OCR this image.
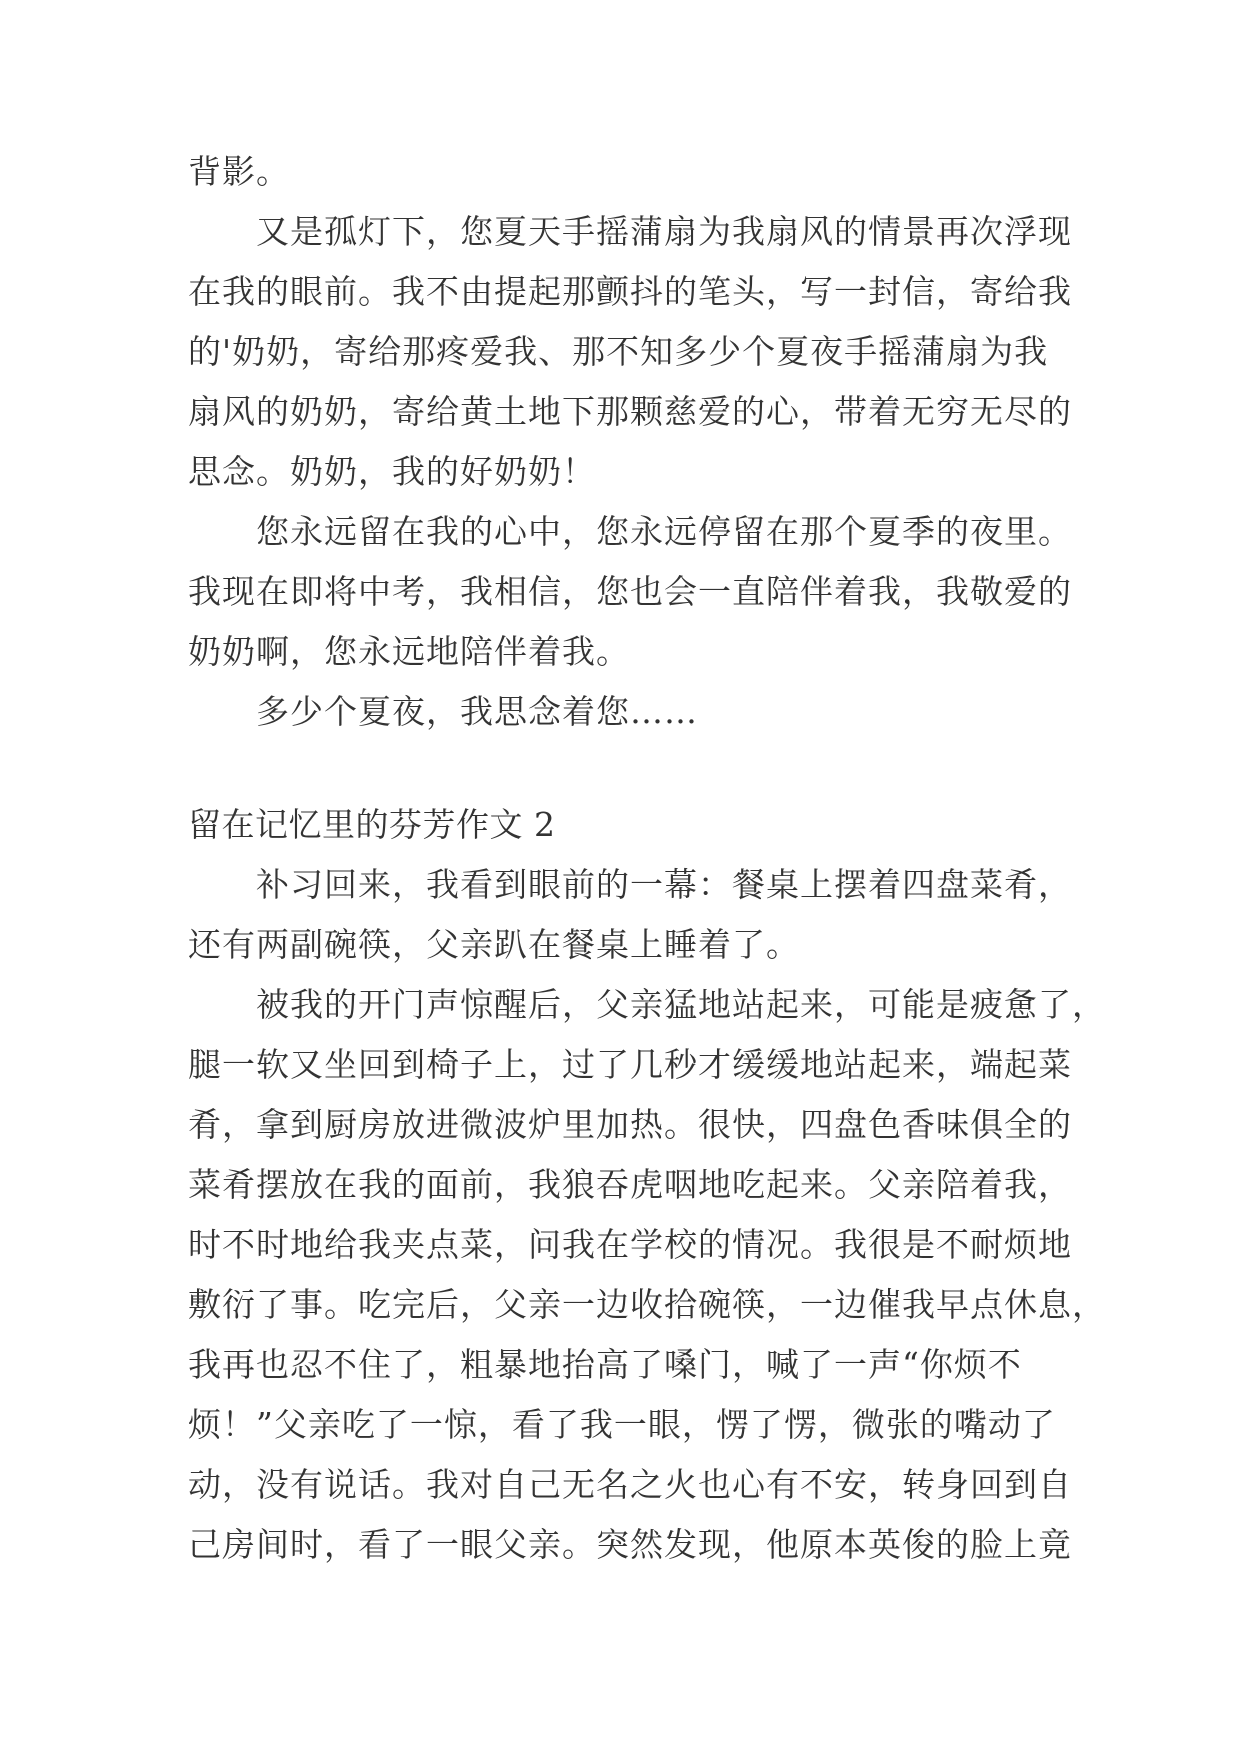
背影。
又是孤灯下，您夏天手摇蒲扇为我扇风的情景再次浮现
在我的眼前。我不由提起那颤抖的笔头，写一封信，寄给我
的'奶奶，寄给那疼爱我、那不知多少个夏夜手摇蒲扇为我
扇风的奶奶，寄给黄土地下那颗慈爱的心，带着无穷无尽的
思念。奶奶，我的好奶奶！
您永远留在我的心中，您永远停留在那个夏季的夜里。
我现在即将中考，我相信，您也会一直陪伴着我，我敬爱的
奶奶啊，您永远地陪伴着我。
多少个夏夜，我思念着您……
留在记忆里的芬芳作文 2
补习回来，我看到眼前的一幕：餐桌上摆着四盘菜肴，
还有两副碗筷，父亲趴在餐桌上睡着了。
被我的开门声惊醒后，父亲猛地站起来，可能是疲惫了，
腿一软又坐回到椅子上，过了几秒才缓缓地站起来，端起菜
肴，拿到厨房放进微波炉里加热。很快，四盘色香味俱全的
菜肴摆放在我的面前，我狼吞虎咽地吃起来。父亲陪着我，
时不时地给我夹点菜，问我在学校的情况。我很是不耐烦地
敷衍了事。吃完后，父亲一边收拾碗筷，一边催我早点休息，
我再也忍不住了，粗暴地抬高了嗓门，喊了一声“你烦不
烦！”父亲吃了一惊，看了我一眼，愣了愣，微张的嘴动了
动，没有说话。我对自己无名之火也心有不安，转身回到自
己房间时，看了一眼父亲。突然发现，他原本英俊的脸上竟
